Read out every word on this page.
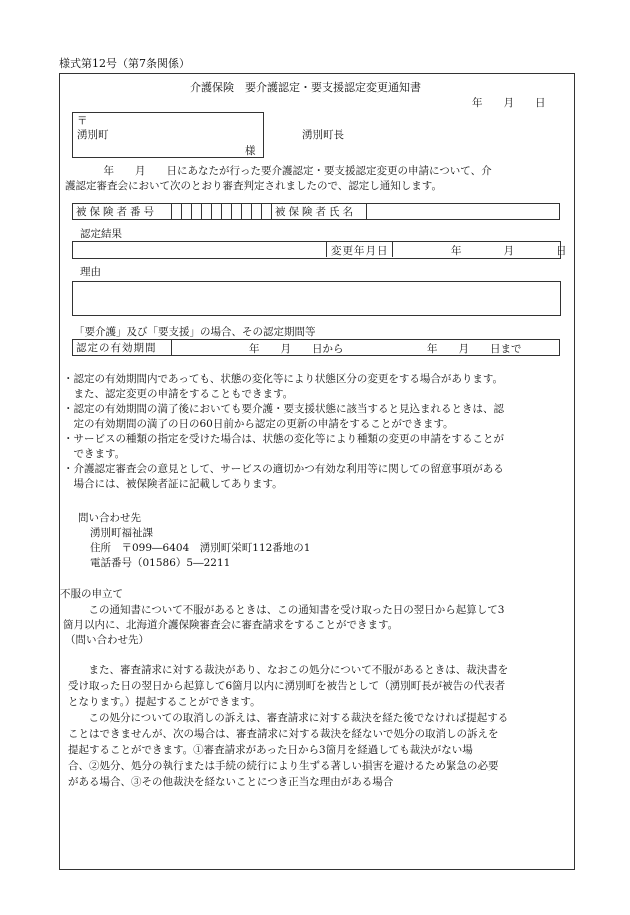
様式第12号（第7条関係）
介護保険　要介護認定・要支援認定変更通知書
年　　月　　日
〒
湧別町
様
湧別町長
　　　年　　月　　日にあなたが行った要介護認定・要支援認定変更の申請について、介
護認定審査会において次のとおり審査判定されましたので、認定し通知します。
被保険者番号											被保険者氏名	
認定結果
変更年月日	年　　　　月　　　　日
理由
「要介護」及び「要支援」の場合、その認定期間等
認定の有効期間	年　　月　　日から	年　　月　　日まで
・認定の有効期間内であっても、状態の変化等により状態区分の変更をする場合があります。
　また、認定変更の申請をすることもできます。
・認定の有効期間の満了後においても要介護・要支援状態に該当すると見込まれるときは、認
　定の有効期間の満了の日の60日前から認定の更新の申請をすることができます。
・サービスの種類の指定を受けた場合は、状態の変化等により種類の変更の申請をすることが
　できます。
・介護認定審査会の意見として、サービスの適切かつ有効な利用等に関しての留意事項がある
　場合には、被保険者証に記載してあります。
問い合わせ先
湧別町福祉課
住所　〒099―6404　湧別町栄町112番地の1
電話番号（01586）5―2211
不服の申立て
　この通知書について不服があるときは、この通知書を受け取った日の翌日から起算して3
箇月以内に、北海道介護保険審査会に審査請求をすることができます。
（問い合わせ先）
　また、審査請求に対する裁決があり、なおこの処分について不服があるときは、裁決書を
受け取った日の翌日から起算して6箇月以内に湧別町を被告として（湧別町長が被告の代表者
となります。）提起することができます。
　この処分についての取消しの訴えは、審査請求に対する裁決を経た後でなければ提起する
ことはできませんが、次の場合は、審査請求に対する裁決を経ないで処分の取消しの訴えを
提起することができます。①審査請求があった日から3箇月を経過しても裁決がない場
合、②処分、処分の執行または手続の続行により生ずる著しい損害を避けるため緊急の必要
がある場合、③その他裁決を経ないことにつき正当な理由がある場合
